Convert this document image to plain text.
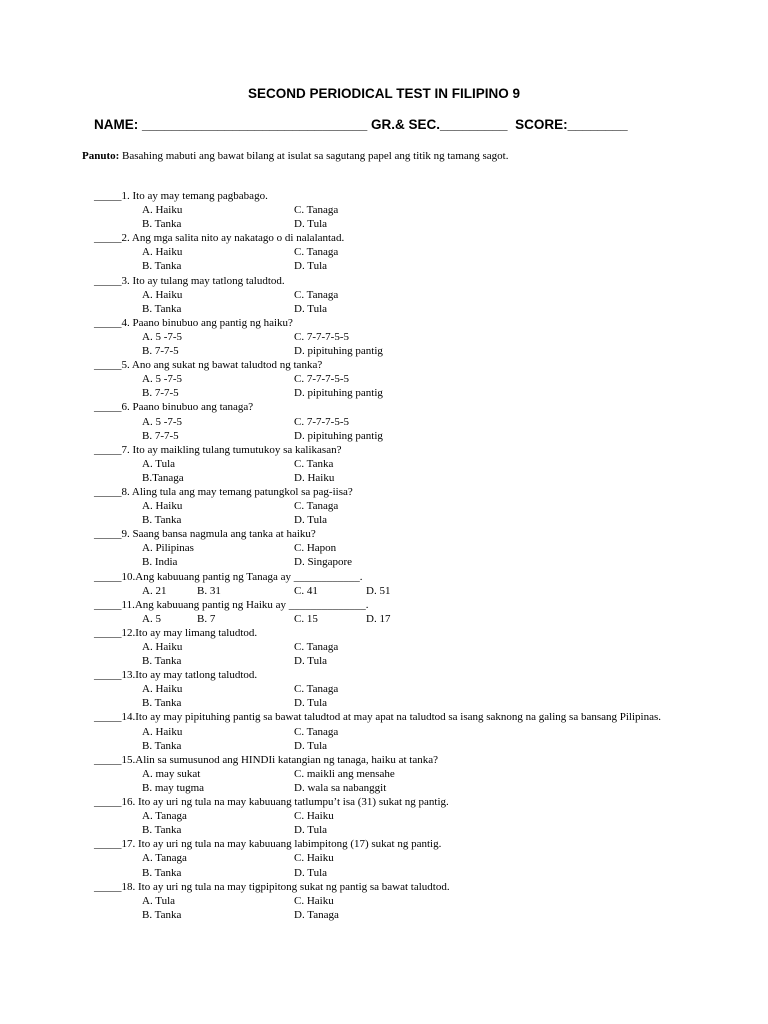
SECOND PERIODICAL TEST IN FILIPINO 9
NAME: ______________________________ GR.& SEC._________  SCORE:________
Panuto: Basahing mabuti ang bawat bilang at isulat sa sagutang papel ang titik ng tamang sagot.
_____1. Ito ay may temang pagbabago.
A. Haiku	C. Tanaga
B. Tanka	D. Tula
_____2. Ang mga salita nito ay nakatago o di nalalantad.
A. Haiku	C. Tanaga
B. Tanka	D. Tula
_____3. Ito ay tulang may tatlong taludtod.
A. Haiku	C. Tanaga
B. Tanka	D. Tula
_____4. Paano binubuo ang pantig ng haiku?
A. 5 -7-5	C. 7-7-7-5-5
B. 7-7-5	D. pipituhing pantig
_____5. Ano ang sukat ng bawat taludtod ng tanka?
A. 5 -7-5	C. 7-7-7-5-5
B. 7-7-5	D. pipituhing pantig
_____6. Paano binubuo ang tanaga?
A. 5 -7-5	C. 7-7-7-5-5
B. 7-7-5	D. pipituhing pantig
_____7. Ito ay maikling tulang tumutukoy sa kalikasan?
A. Tula	C. Tanka
B.Tanaga	D. Haiku
_____8. Aling tula ang may temang patungkol sa pag-iisa?
A. Haiku	C. Tanaga
B. Tanka	D. Tula
_____9. Saang bansa nagmula ang tanka at haiku?
A. Pilipinas	C. Hapon
B. India	D. Singapore
_____10.Ang kabuuang pantig ng Tanaga ay ____________.
A. 21	B. 31	C. 41	D. 51
_____11.Ang kabuuang pantig ng Haiku ay ______________.
A. 5	B. 7	C. 15	D. 17
_____12.Ito ay may limang taludtod.
A. Haiku	C. Tanaga
B. Tanka	D. Tula
_____13.Ito ay may tatlong taludtod.
A. Haiku	C. Tanaga
B. Tanka	D. Tula
_____14.Ito ay may pipituhing pantig sa bawat taludtod at may apat na taludtod sa isang saknong na galing sa bansang Pilipinas.
A. Haiku	C. Tanaga
B. Tanka	D. Tula
_____15.Alin sa sumusunod ang HINDIi katangian ng tanaga, haiku at tanka?
A. may sukat	C. maikli ang mensahe
B. may tugma	D. wala sa nabanggit
_____16. Ito ay uri ng tula na may kabuuang tatlumpu’t isa (31) sukat ng pantig.
A. Tanaga	C. Haiku
B. Tanka	D. Tula
_____17. Ito ay uri ng tula na may kabuuang labimpitong (17) sukat ng pantig.
A. Tanaga	C. Haiku
B. Tanka	D. Tula
_____18. Ito ay uri ng tula na may tigpipitong sukat ng pantig sa bawat taludtod.
A. Tula	C. Haiku
B. Tanka	D. Tanaga
